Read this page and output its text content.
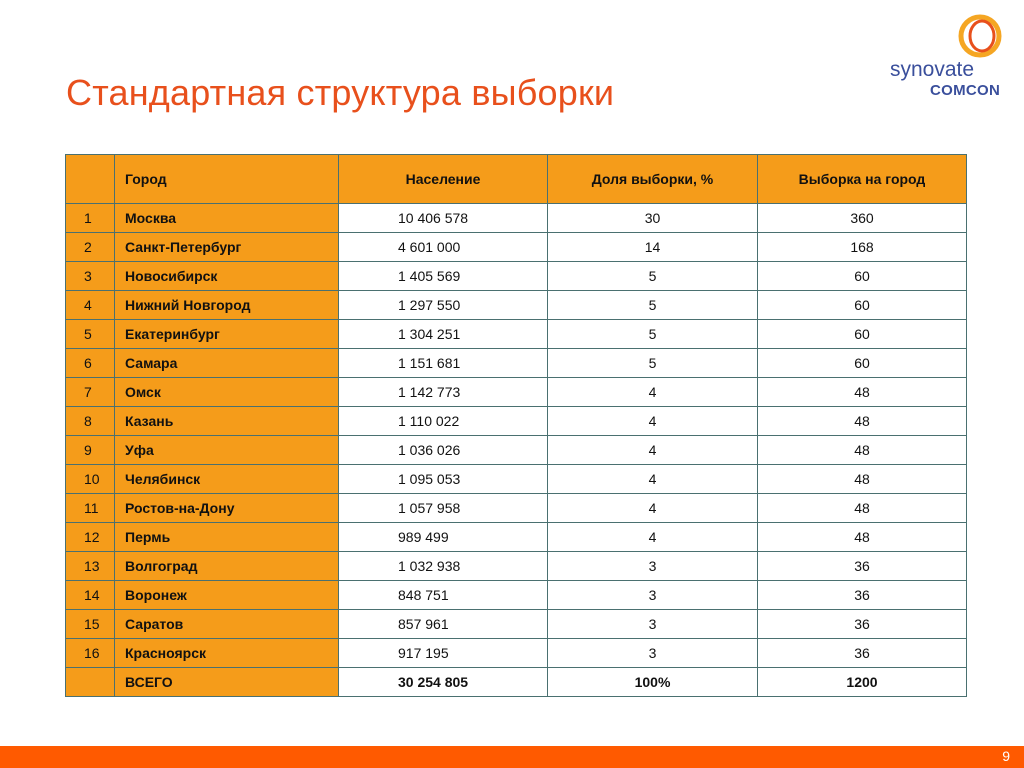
Стандартная структура выборки
synovate
COMCON
	Город	Население	Доля выборки, %	Выборка на город
1	Москва	10 406 578	30	360
2	Санкт-Петербург	4 601 000	14	168
3	Новосибирск	1 405 569	5	60
4	Нижний Новгород	1 297 550	5	60
5	Екатеринбург	1 304 251	5	60
6	Самара	1 151 681	5	60
7	Омск	1 142 773	4	48
8	Казань	1 110 022	4	48
9	Уфа	1 036 026	4	48
10	Челябинск	1 095 053	4	48
11	Ростов-на-Дону	1 057 958	4	48
12	Пермь	989 499	4	48
13	Волгоград	1 032 938	3	36
14	Воронеж	848 751	3	36
15	Саратов	857 961	3	36
16	Красноярск	917 195	3	36
	ВСЕГО	30 254 805	100%	1200
9
